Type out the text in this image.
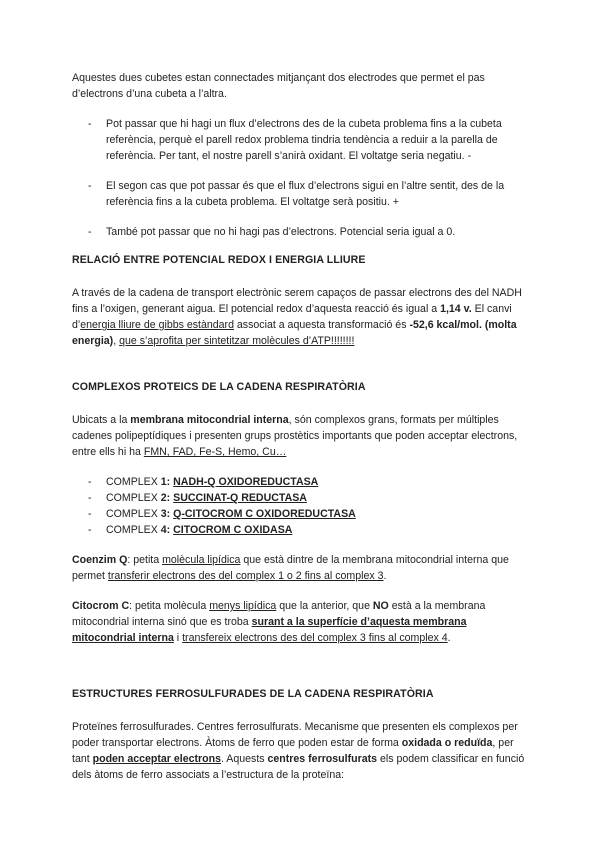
Aquestes dues cubetes estan connectades mitjançant dos electrodes que permet el pas d’electrons d’una cubeta a l’altra.

- Pot passar que hi hagi un flux d’electrons des de la cubeta problema fins a la cubeta referència, perquè el parell redox problema tindria tendència a reduir a la parella de referència. Per tant, el nostre parell s’anirà oxidant. El voltatge seria negatiu. -
- El segon cas que pot passar és que el flux d’electrons sigui en l’altre sentit, des de la referència fins a la cubeta problema. El voltatge serà positiu. +
- També pot passar que no hi hagi pas d’electrons. Potencial seria igual a 0.

RELACIÓ ENTRE POTENCIAL REDOX I ENERGIA LLIURE

A través de la cadena de transport electrònic serem capaços de passar electrons des del NADH fins a l’oxigen, generant aigua. El potencial redox d’aquesta reacció és igual a 1,14 v. El canvi d’energia lliure de gibbs estàndard associat a aquesta transformació és -52,6 kcal/mol. (molta energia), que s’aprofita per sintetitzar molècules d’ATP!!!!!!!!

COMPLEXOS PROTEICS DE LA CADENA RESPIRATÒRIA

Ubicats a la membrana mitocondrial interna, són complexos grans, formats per múltiples cadenes polipeptídiques i presenten grups prostètics importants que poden acceptar electrons, entre ells hi ha FMN, FAD, Fe-S, Hemo, Cu…

- COMPLEX 1: NADH-Q OXIDOREDUCTASA
- COMPLEX 2: SUCCINAT-Q REDUCTASA
- COMPLEX 3: Q-CITOCROM C OXIDOREDUCTASA
- COMPLEX 4: CITOCROM C OXIDASA

Coenzim Q: petita molècula lipídica que està dintre de la membrana mitocondrial interna que permet transferir electrons des del complex 1 o 2 fins al complex 3.

Citocrom C: petita molècula menys lipídica que la anterior, que NO està a la membrana mitocondrial interna sinó que es troba surant a la superfície d’aquesta membrana mitocondrial interna i transfereix electrons des del complex 3 fins al complex 4.

ESTRUCTURES FERROSULFURADES DE LA CADENA RESPIRATÒRIA

Proteïnes ferrosulfurades. Centres ferrosulfurats. Mecanisme que presenten els complexos per poder transportar electrons. Àtoms de ferro que poden estar de forma oxidada o reduïda, per tant poden acceptar electrons. Aquests centres ferrosulfurats els podem classificar en funció dels àtoms de ferro associats a l’estructura de la proteïna:
